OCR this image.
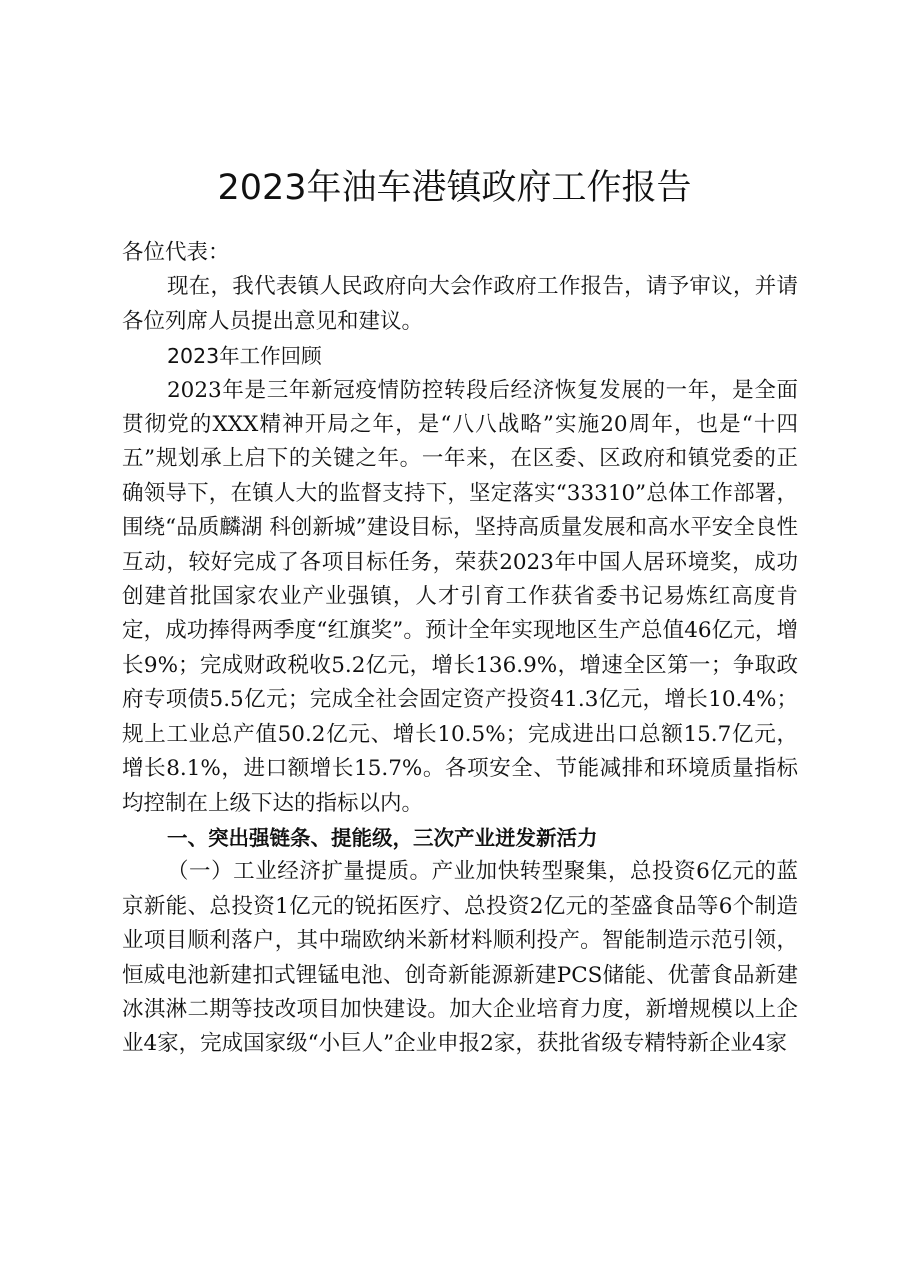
2023年油车港镇政府工作报告

各位代表：

现在，我代表镇人民政府向大会作政府工作报告，请予审议，并请各位列席人员提出意见和建议。

2023年工作回顾

2023年是三年新冠疫情防控转段后经济恢复发展的一年，是全面贯彻党的XXX精神开局之年，是“八八战略”实施20周年，也是“十四五”规划承上启下的关键之年。一年来，在区委、区政府和镇党委的正确领导下，在镇人大的监督支持下，坚定落实“33310”总体工作部署，围绕“品质麟湖 科创新城”建设目标，坚持高质量发展和高水平安全良性互动，较好完成了各项目标任务，荣获2023年中国人居环境奖，成功创建首批国家农业产业强镇，人才引育工作获省委书记易炼红高度肯定，成功捧得两季度“红旗奖”。预计全年实现地区生产总值46亿元，增长9%；完成财政税收5.2亿元，增长136.9%，增速全区第一；争取政府专项债5.5亿元；完成全社会固定资产投资41.3亿元，增长10.4%；规上工业总产值50.2亿元、增长10.5%；完成进出口总额15.7亿元，增长8.1%，进口额增长15.7%。各项安全、节能减排和环境质量指标均控制在上级下达的指标以内。

一、突出强链条、提能级，三次产业迸发新活力

（一）工业经济扩量提质。产业加快转型聚集，总投资6亿元的蓝京新能、总投资1亿元的锐拓医疗、总投资2亿元的荃盛食品等6个制造业项目顺利落户，其中瑞欧纳米新材料顺利投产。智能制造示范引领，恒威电池新建扣式锂锰电池、创奇新能源新建PCS储能、优蕾食品新建冰淇淋二期等技改项目加快建设。加大企业培育力度，新增规模以上企业4家，完成国家级“小巨人”企业申报2家，获批省级专精特新企业4家
